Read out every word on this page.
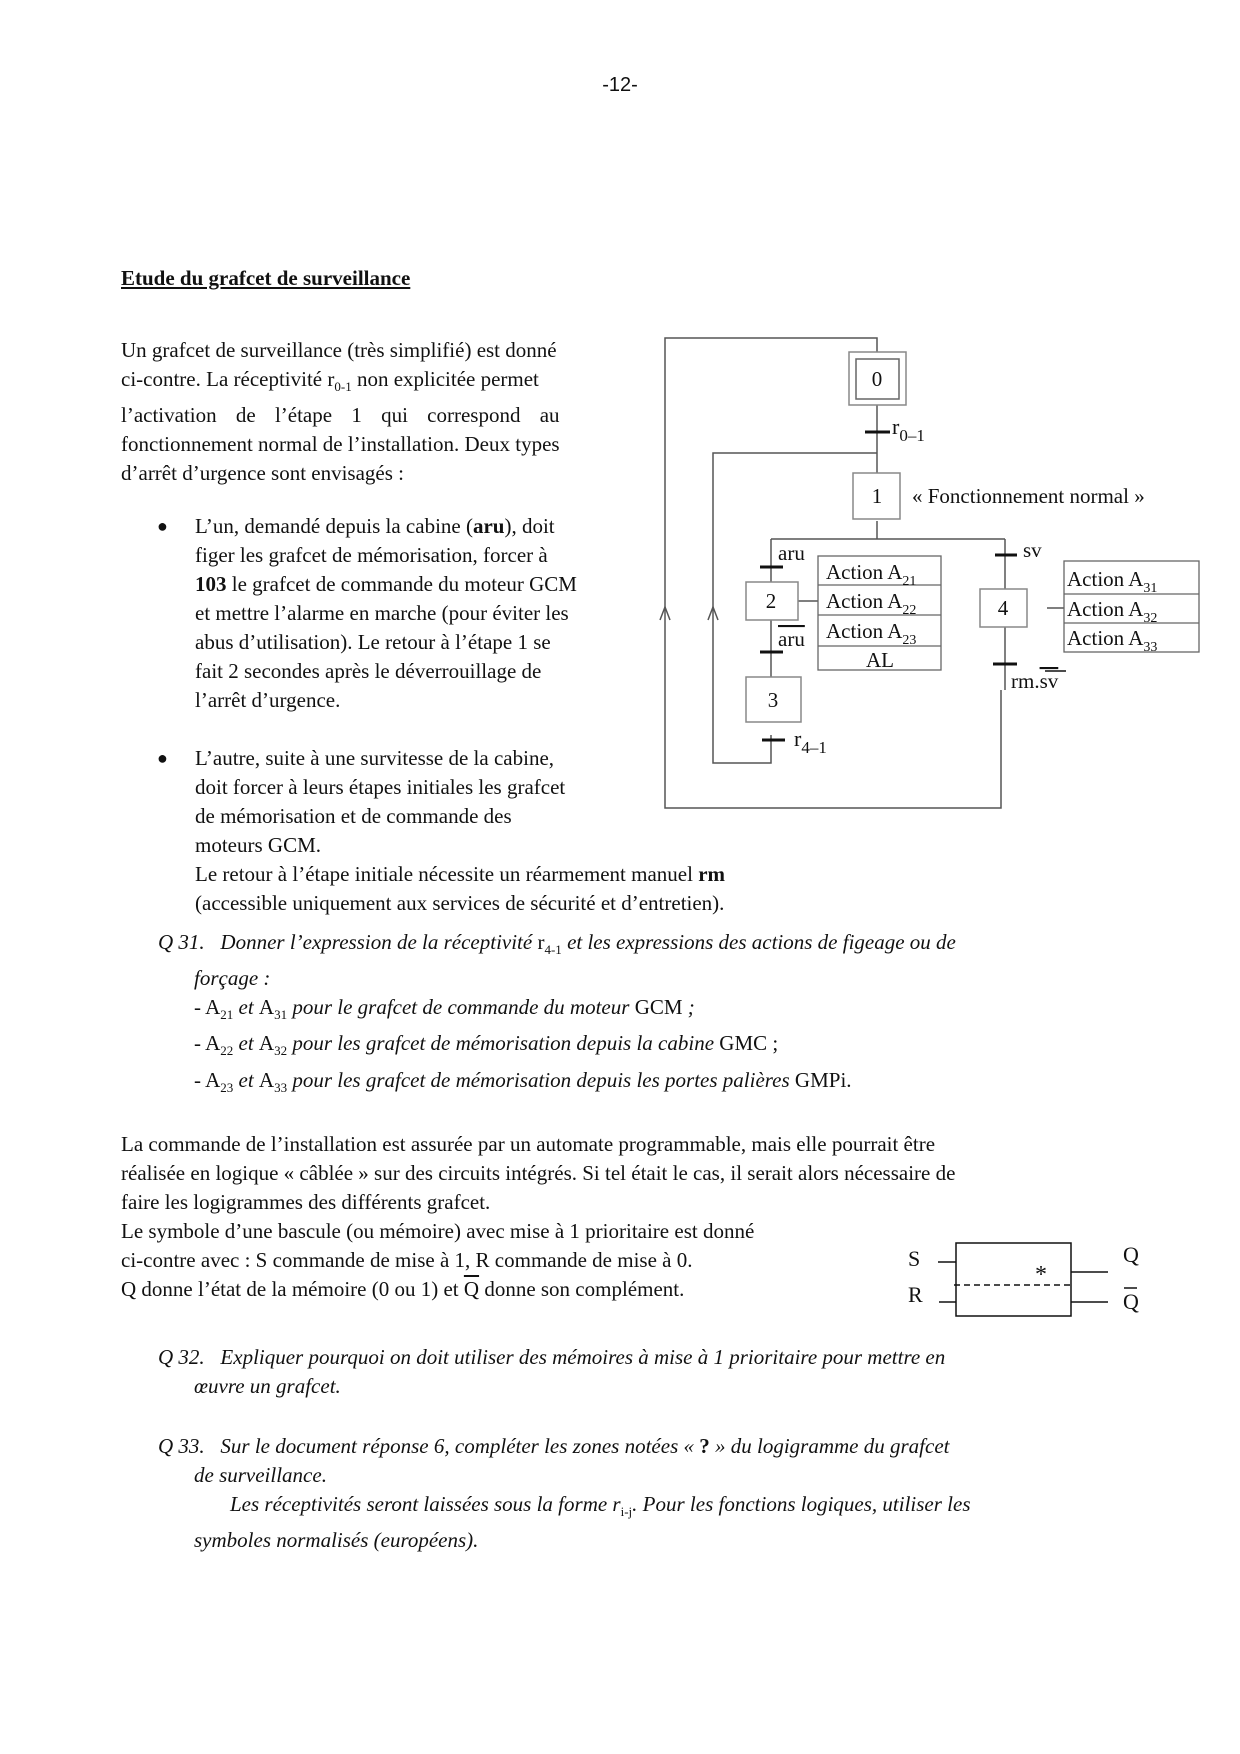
-12-
Etude du grafcet de surveillance
Un grafcet de surveillance (très simplifié) est donné
ci-contre. La réceptivité $r_{0-1}$ non explicitée permet
l’activation de l’étape 1 qui correspond au
fonctionnement normal de l’installation. Deux types
d’arrêt d’urgence sont envisagés :
● L’un, demandé depuis la cabine (aru), doit
figer les grafcet de mémorisation, forcer à
103 le grafcet de commande du moteur GCM
et mettre l’alarme en marche (pour éviter les
abus d’utilisation). Le retour à l’étape 1 se
fait 2 secondes après le déverrouillage de
l’arrêt d’urgence.
● L’autre, suite à une survitesse de la cabine,
doit forcer à leurs étapes initiales les grafcet
de mémorisation et de commande des
moteurs GCM.
Le retour à l’étape initiale nécessite un réarmement manuel rm
(accessible uniquement aux services de sécurité et d’entretien).
0
1
2
3
4
$r_{0-1}$
« Fonctionnement normal »
aru
aru
sv
rm.sv
$r_{4-1}$
Action $A_{21}$
Action $A_{22}$
Action $A_{23}$
AL
Action $A_{31}$
Action $A_{32}$
Action $A_{33}$
Q 31. Donner l’expression de la réceptivité $r_{4-1}$ et les expressions des actions de figeage ou de
forçage :
- $A_{21}$ et $A_{31}$ pour le grafcet de commande du moteur GCM ;
- $A_{22}$ et $A_{32}$ pour les grafcet de mémorisation depuis la cabine GMC ;
- $A_{23}$ et $A_{33}$ pour les grafcet de mémorisation depuis les portes palières GMPi.
La commande de l’installation est assurée par un automate programmable, mais elle pourrait être
réalisée en logique « câblée » sur des circuits intégrés. Si tel était le cas, il serait alors nécessaire de
faire les logigrammes des différents grafcet.
Le symbole d’une bascule (ou mémoire) avec mise à 1 prioritaire est donné
ci-contre avec : S commande de mise à 1, R commande de mise à 0.
Q donne l’état de la mémoire (0 ou 1) et $\overline{Q}$ donne son complément.
S
R
*
Q
Q
Q 32. Expliquer pourquoi on doit utiliser des mémoires à mise à 1 prioritaire pour mettre en
œuvre un grafcet.
Q 33. Sur le document réponse 6, compléter les zones notées « ? » du logigramme du grafcet
de surveillance.
Les réceptivités seront laissées sous la forme $r_{i-j}$. Pour les fonctions logiques, utiliser les
symboles normalisés (européens).
